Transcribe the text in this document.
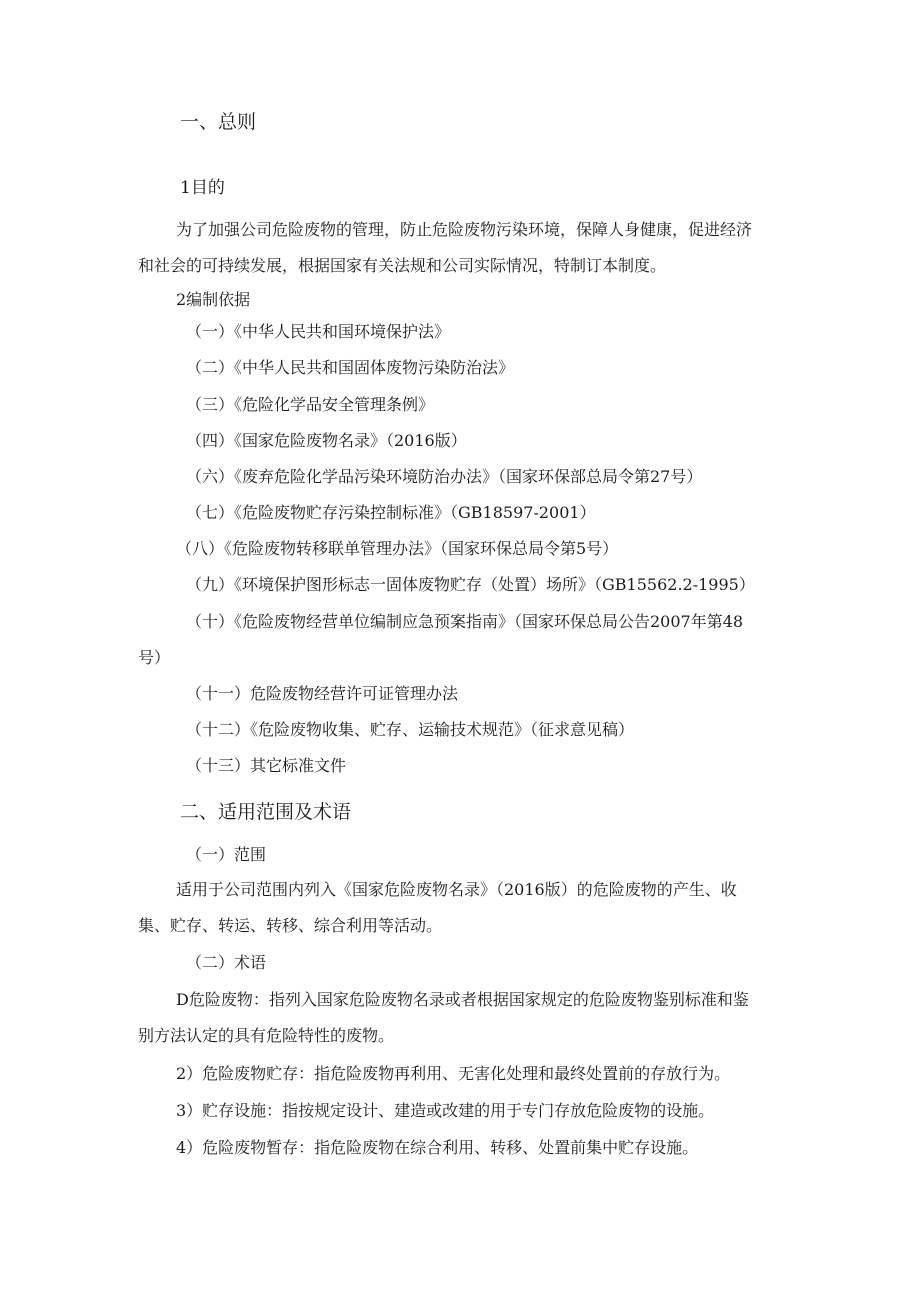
一、总则
1目的
为了加强公司危险废物的管理，防止危险废物污染环境，保障人身健康，促进经济
和社会的可持续发展，根据国家有关法规和公司实际情况，特制订本制度。
2编制依据
（一）《中华人民共和国环境保护法》
（二）《中华人民共和国固体废物污染防治法》
（三）《危险化学品安全管理条例》
（四）《国家危险废物名录》（2016版）
（六）《废弃危险化学品污染环境防治办法》（国家环保部总局令第27号）
（七）《危险废物贮存污染控制标准》（GB18597-2001）
（八）《危险废物转移联单管理办法》（国家环保总局令第5号）
（九）《环境保护图形标志一固体废物贮存（处置）场所》（GB15562.2-1995）
（十）《危险废物经营单位编制应急预案指南》（国家环保总局公告2007年第48
号）
（十一）危险废物经营许可证管理办法
（十二）《危险废物收集、贮存、运输技术规范》（征求意见稿）
（十三）其它标准文件
二、适用范围及术语
（一）范围
适用于公司范围内列入《国家危险废物名录》（2016版）的危险废物的产生、收
集、贮存、转运、转移、综合利用等活动。
（二）术语
D危险废物：指列入国家危险废物名录或者根据国家规定的危险废物鉴别标准和鉴
别方法认定的具有危险特性的废物。
2）危险废物贮存：指危险废物再利用、无害化处理和最终处置前的存放行为。
3）贮存设施：指按规定设计、建造或改建的用于专门存放危险废物的设施。
4）危险废物暂存：指危险废物在综合利用、转移、处置前集中贮存设施。
